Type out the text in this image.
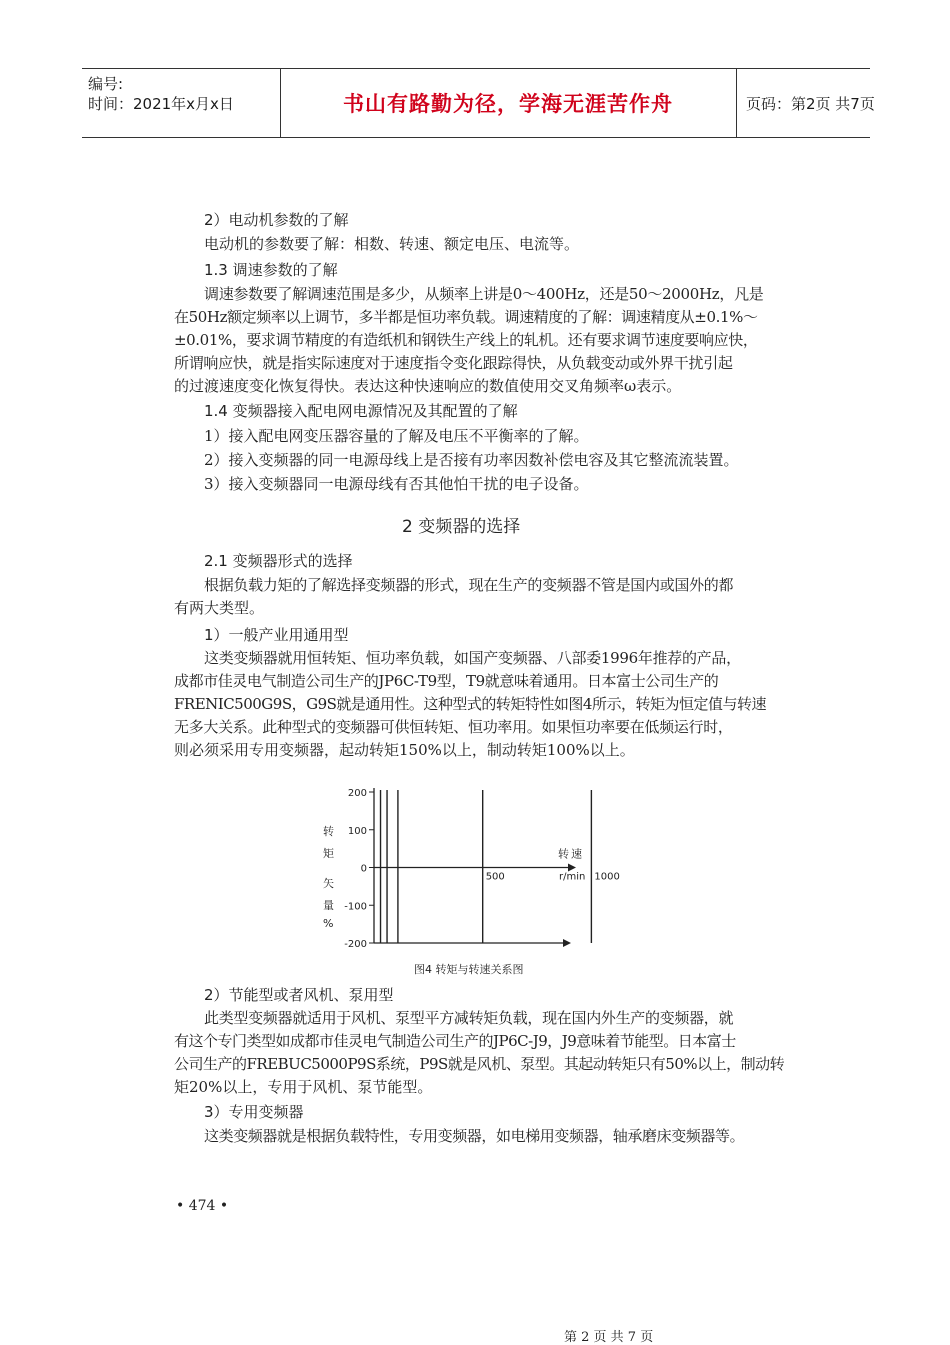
编号:
时间：2021年x月x日	书山有路勤为径，学海无涯苦作舟	页码：第2页 共7页
2）电动机参数的了解
电动机的参数要了解：相数、转速、额定电压、电流等。
1.3 调速参数的了解
调速参数要了解调速范围是多少，从频率上讲是0～400Hz，还是50～2000Hz，凡是
在50Hz额定频率以上调节，多半都是恒功率负载。调速精度的了解：调速精度从±0.1%～
±0.01%，要求调节精度的有造纸机和钢铁生产线上的轧机。还有要求调节速度要响应快，
所谓响应快，就是指实际速度对于速度指令变化跟踪得快，从负载变动或外界干扰引起
的过渡速度变化恢复得快。表达这种快速响应的数值使用交叉角频率ω表示。
1.4 变频器接入配电网电源情况及其配置的了解
1）接入配电网变压器容量的了解及电压不平衡率的了解。
2）接入变频器的同一电源母线上是否接有功率因数补偿电容及其它整流流装置。
3）接入变频器同一电源母线有否其他怕干扰的电子设备。
2 变频器的选择
2.1 变频器形式的选择
根据负载力矩的了解选择变频器的形式，现在生产的变频器不管是国内或国外的都
有两大类型。
1）一般产业用通用型
这类变频器就用恒转矩、恒功率负载，如国产变频器、八部委1996年推荐的产品，
成都市佳灵电气制造公司生产的JP6C-T9型，T9就意味着通用。日本富士公司生产的
FRENIC500G9S，G9S就是通用性。这种型式的转矩特性如图4所示，转矩为恒定值与转速
无多大关系。此种型式的变频器可供恒转矩、恒功率用。如果恒功率要在低频运行时，
则必须采用专用变频器，起动转矩150%以上，制动转矩100%以上。
200
100
0
-100
-200
500	1000
转速
r/min
转
矩
矢
量
%
图4 转矩与转速关系图
2）节能型或者风机、泵用型
此类型变频器就适用于风机、泵型平方减转矩负载，现在国内外生产的变频器，就
有这个专门类型如成都市佳灵电气制造公司生产的JP6C-J9，J9意味着节能型。日本富士
公司生产的FREBUC5000P9S系统，P9S就是风机、泵型。其起动转矩只有50%以上，制动转
矩20%以上，专用于风机、泵节能型。
3）专用变频器
这类变频器就是根据负载特性，专用变频器，如电梯用变频器，轴承磨床变频器等。
• 474 •
第 2 页 共 7 页
